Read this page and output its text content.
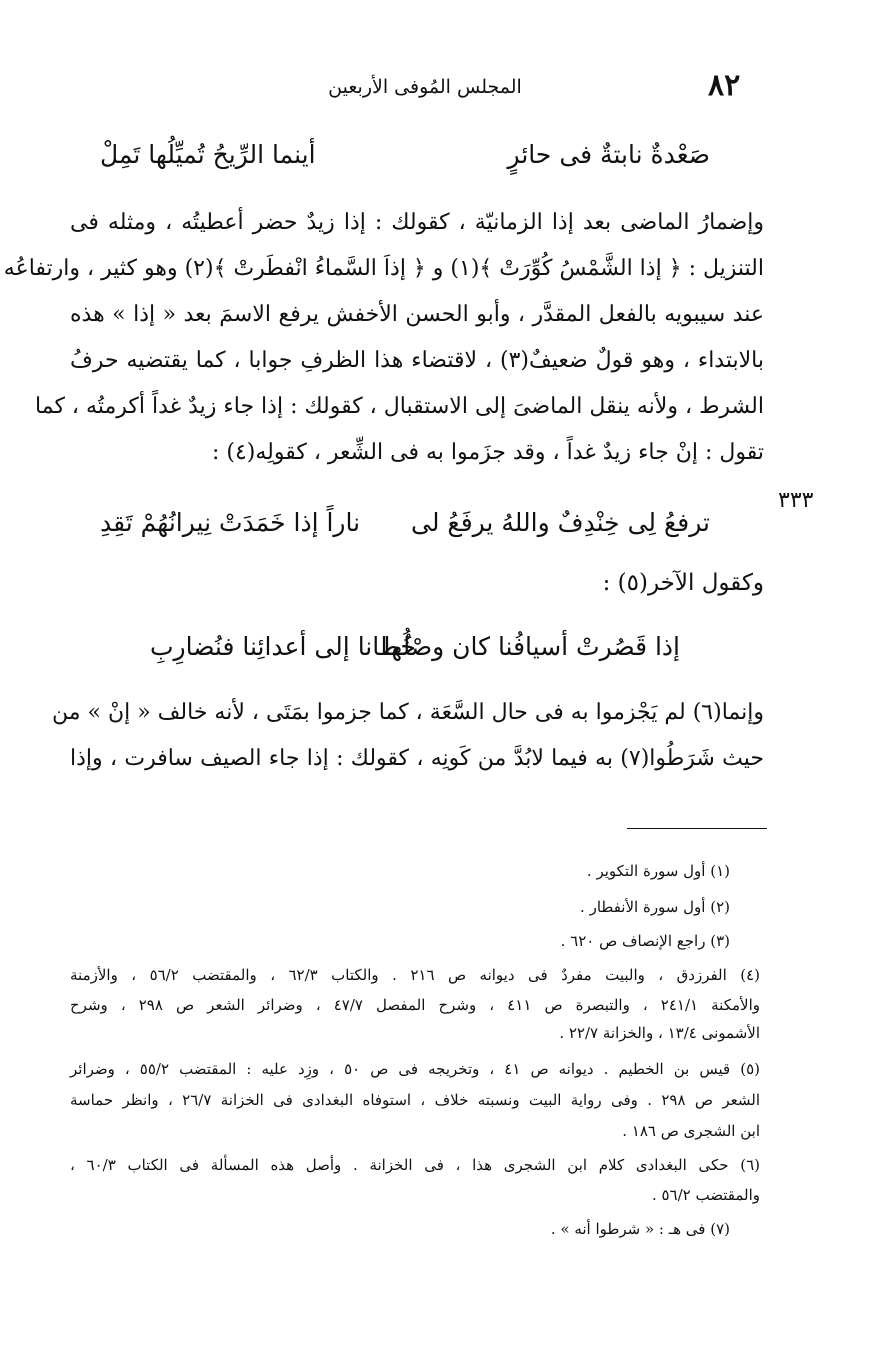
٨٢
المجلس المُوفى الأربعين
٣٣٣
صَعْدةٌ نابتةٌ فى حائرٍ
أينما الرِّيحُ تُميِّلُها تَمِلْ
وإضمارُ الماضى بعد إذا الزمانيّة ، كقولك : إذا زيدٌ حضر أعطيتُه ، ومثله فى
التنزيل : ﴿ إذا الشَّمْسُ كُوِّرَتْ ﴾(١) و ﴿ إذاَ السَّماءُ انْفطَرتْ ﴾(٢) وهو كثير ، وارتفاعُه
عند سيبويه بالفعل المقدَّر ، وأبو الحسن الأخفش يرفع الاسمَ بعد « إذا » هذه
بالابتداء ، وهو قولٌ ضعيفٌ(٣) ، لاقتضاء هذا الظرفِ جوابا ، كما يقتضيه حرفُ
الشرط ، ولأنه ينقل الماضىَ إلى الاستقبال ، كقولك : إذا جاء زيدٌ غداً أكرمتُه ، كما
تقول : إنْ جاء زيدٌ غداً ، وقد جزَموا به فى الشِّعر ، كقولِه(٤) :
ترفعُ لِى خِنْدِفٌ واللهُ يرفَعُ لى
ناراً إذا خَمَدَتْ نِيرانُهُمْ تَقِدِ
وكقول الآخر(٥) :
إذا قَصُرتْ أسيافُنا كان وصْلُها
خُطانا إلى أعدائِنا فنُضارِبِ
وإنما(٦) لم يَجْزموا به فى حال السَّعَة ، كما جزموا بمَتَى ، لأنه خالف « إنْ » من
حيث شَرَطُوا(٧) به فيما لابُدَّ من كَونِه ، كقولك : إذا جاء الصيف سافرت ، وإذا
(١) أول سورة التكوير .
(٢) أول سورة الأنفطار .
(٣) راجع الإنصاف ص ٦٢٠ .
(٤) الفرزدق ، والبيت مفردٌ فى ديوانه ص ٢١٦ . والكتاب ٦٢/٣ ، والمقتضب ٥٦/٢ ، والأزمنة
والأمكنة ٢٤١/١ ، والتبصرة ص ٤١١ ، وشرح المفصل ٤٧/٧ ، وضرائر الشعر ص ٢٩٨ ، وشرح
الأشمونى ١٣/٤ ، والخزانة ٢٢/٧ .
(٥) قيس بن الخطيم . ديوانه ص ٤١ ، وتخريجه فى ص ٥٠ ، وزِد عليه : المقتضب ٥٥/٢ ، وضرائر
الشعر ص ٢٩٨ . وفى رواية البيت ونسبته خلاف ، استوفاه البغدادى فى الخزانة ٢٦/٧ ، وانظر حماسة
ابن الشجرى ص ١٨٦ .
(٦) حكى البغدادى كلام ابن الشجرى هذا ، فى الخزانة . وأصل هذه المسألة فى الكتاب ٦٠/٣ ،
والمقتضب ٥٦/٢ .
(٧) فى هـ : « شرطوا أنه » .
